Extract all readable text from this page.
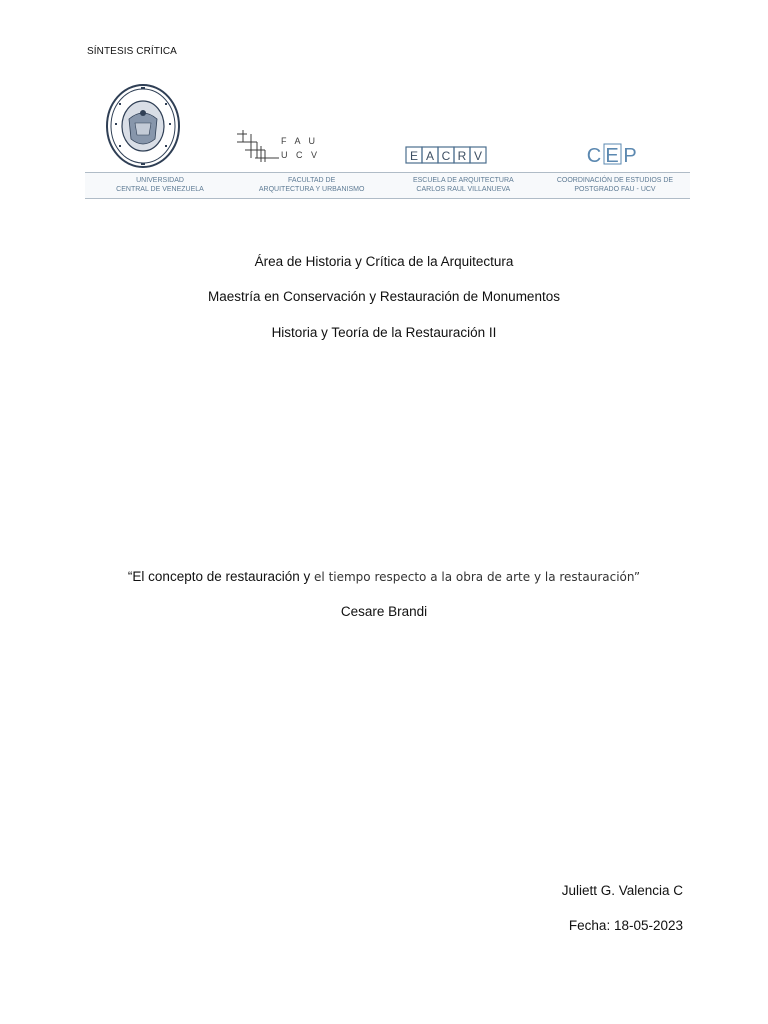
SÍNTESIS CRÍTICA
F A U
U C V	E A C R V	C E P
UNIVERSIDAD
CENTRAL DE VENEZUELA
FACULTAD DE
ARQUITECTURA Y URBANISMO
ESCUELA DE ARQUITECTURA
CARLOS RAUL VILLANUEVA
COORDINACIÓN DE ESTUDIOS DE
POSTGRADO FAU - UCV
Área de Historia y Crítica de la Arquitectura
Maestría en Conservación y Restauración de Monumentos
Historia y Teoría de la Restauración II
“El concepto de restauración y el tiempo respecto a la obra de arte y la restauración”
Cesare Brandi
Juliett G. Valencia C
Fecha: 18-05-2023
